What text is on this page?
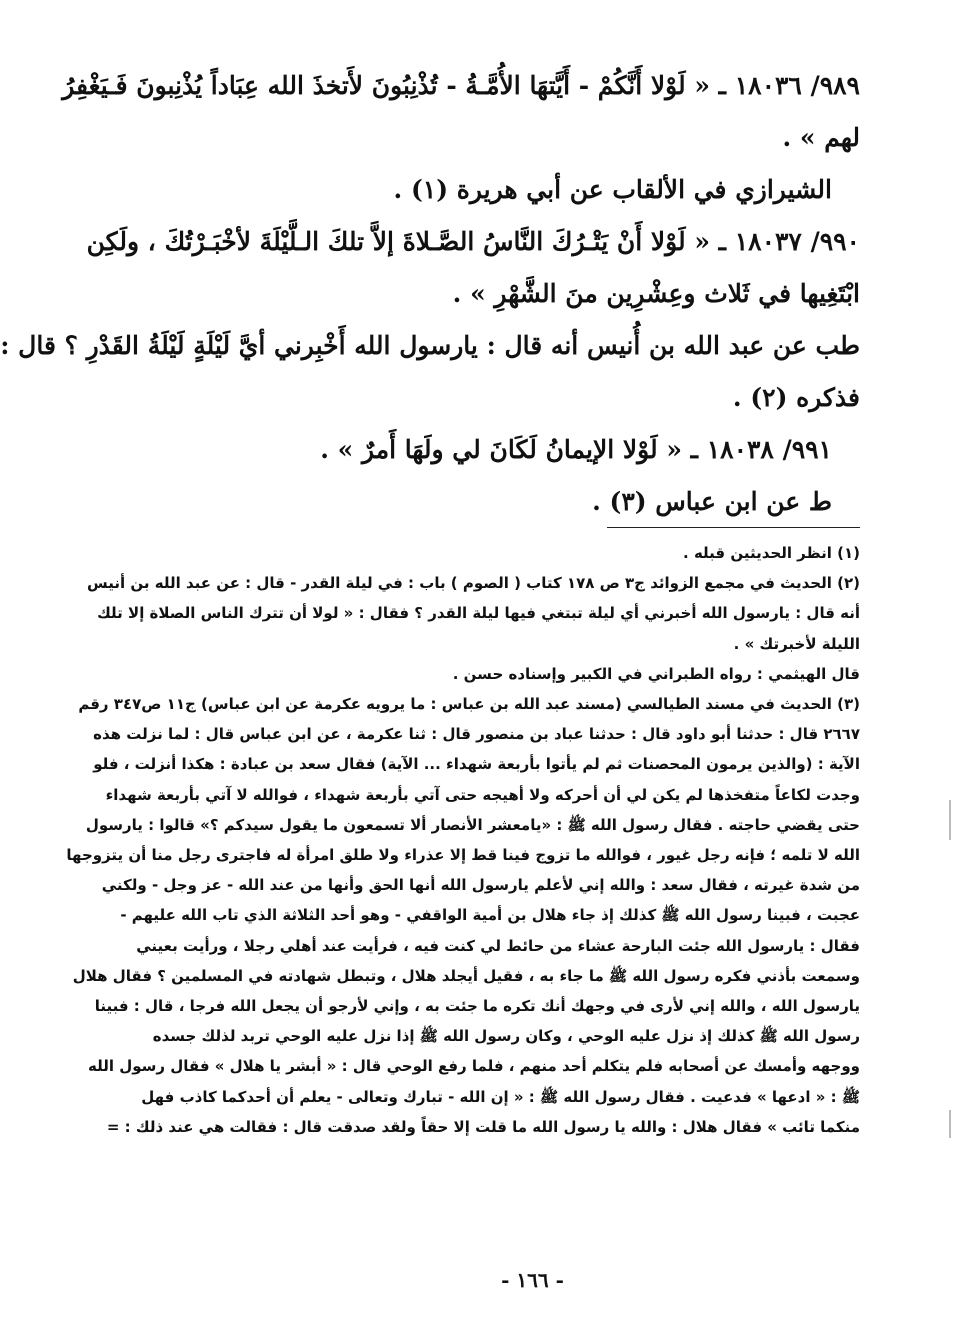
٩٨٩/ ١٨٠٣٦ ـ « لَوْلا أَنَّكُمْ - أَيَّتهَا الأُمَّـةُ - تُذْنِبُونَ لأَتخذَ الله عِبَاداً يُذْنِبونَ فَـيَغْفِرُ

لهم » .

الشيرازي في الألقاب عن أبي هريرة (١) .

٩٩٠/ ١٨٠٣٧ ـ « لَوْلا أَنْ يَتْـرُكَ النَّاسُ الصَّـلاةَ إلاَّ تلكَ الـلَّيْلَةَ لأخْبَـرْتُكَ ، ولَكِن

ابْتَغِيها في ثَلاث وعِشْرِين منَ الشَّهْرِ » .

طب عن عبد الله بن أُنيس أنه قال : يارسول الله أَخْبِرني أيَّ لَيْلَةٍ لَيْلَةُ القَدْرِ ؟ قال :

فذكره (٢) .

٩٩١/ ١٨٠٣٨ ـ « لَوْلا الإيمانُ لَكَانَ لي ولَهَا أَمرٌ » .

ط عن ابن عباس (٣) .

(١) انظر الحديثين قبله .

(٢) الحديث في مجمع الزوائد ج٣ ص ١٧٨ كتاب ( الصوم ) باب : في ليلة القدر - قال : عن عبد الله بن أنيس

أنه قال : يارسول الله أخبرني أي ليلة تبتغي فيها ليلة القدر ؟ فقال : « لولا أن تترك الناس الصلاة إلا تلك

الليلة لأخبرتك » .

قال الهيثمي : رواه الطبراني في الكبير وإسناده حسن .

(٣) الحديث في مسند الطيالسي (مسند عبد الله بن عباس : ما يرويه عكرمة عن ابن عباس) ج١١ ص٣٤٧ رقم

٢٦٦٧ قال : حدثنا أبو داود قال : حدثنا عباد بن منصور قال : ثنا عكرمة ، عن ابن عباس قال : لما نزلت هذه

الآية : (والذين يرمون المحصنات ثم لم يأتوا بأربعة شهداء ... الآية) فقال سعد بن عبادة : هكذا أنزلت ، فلو

وجدت لكاعاً متفخذها لم يكن لي أن أحركه ولا أهيجه حتى آتي بأربعة شهداء ، فوالله لا آتي بأربعة شهداء

حتى يقضي حاجته . فقال رسول الله ﷺ : «يامعشر الأنصار ألا تسمعون ما يقول سيدكم ؟» قالوا : يارسول

الله لا تلمه ؛ فإنه رجل غيور ، فوالله ما تزوج فينا قط إلا عذراء ولا طلق امرأة له فاجترى رجل منا أن يتزوجها

من شدة غيرته ، فقال سعد : والله إني لأعلم يارسول الله أنها الحق وأنها من عند الله - عز وجل - ولكني

عجبت ، فبينا رسول الله ﷺ كذلك إذ جاء هلال بن أمية الواقفي - وهو أحد الثلاثة الذي تاب الله عليهم -

فقال : يارسول الله جئت البارحة عشاء من حائط لي كنت فيه ، فرأيت عند أهلي رجلا ، ورأيت بعيني

وسمعت بأذني فكره رسول الله ﷺ ما جاء به ، فقيل أيجلد هلال ، وتبطل شهادته في المسلمين ؟ فقال هلال

يارسول الله ، والله إني لأرى في وجهك أنك تكره ما جئت به ، وإني لأرجو أن يجعل الله فرجا ، قال : فبينا

رسول الله ﷺ كذلك إذ نزل عليه الوحي ، وكان رسول الله ﷺ إذا نزل عليه الوحي تربد لذلك جسده

ووجهه وأمسك عن أصحابه فلم يتكلم أحد منهم ، فلما رفع الوحي قال : « أبشر يا هلال » فقال رسول الله

ﷺ : « ادعها » فدعيت . فقال رسول الله ﷺ : « إن الله - تبارك وتعالى - يعلم أن أحدكما كاذب فهل

منكما تائب » فقال هلال : والله يا رسول الله ما قلت إلا حقاً ولقد صدقت قال : فقالت هي عند ذلك : =

- ١٦٦ -
